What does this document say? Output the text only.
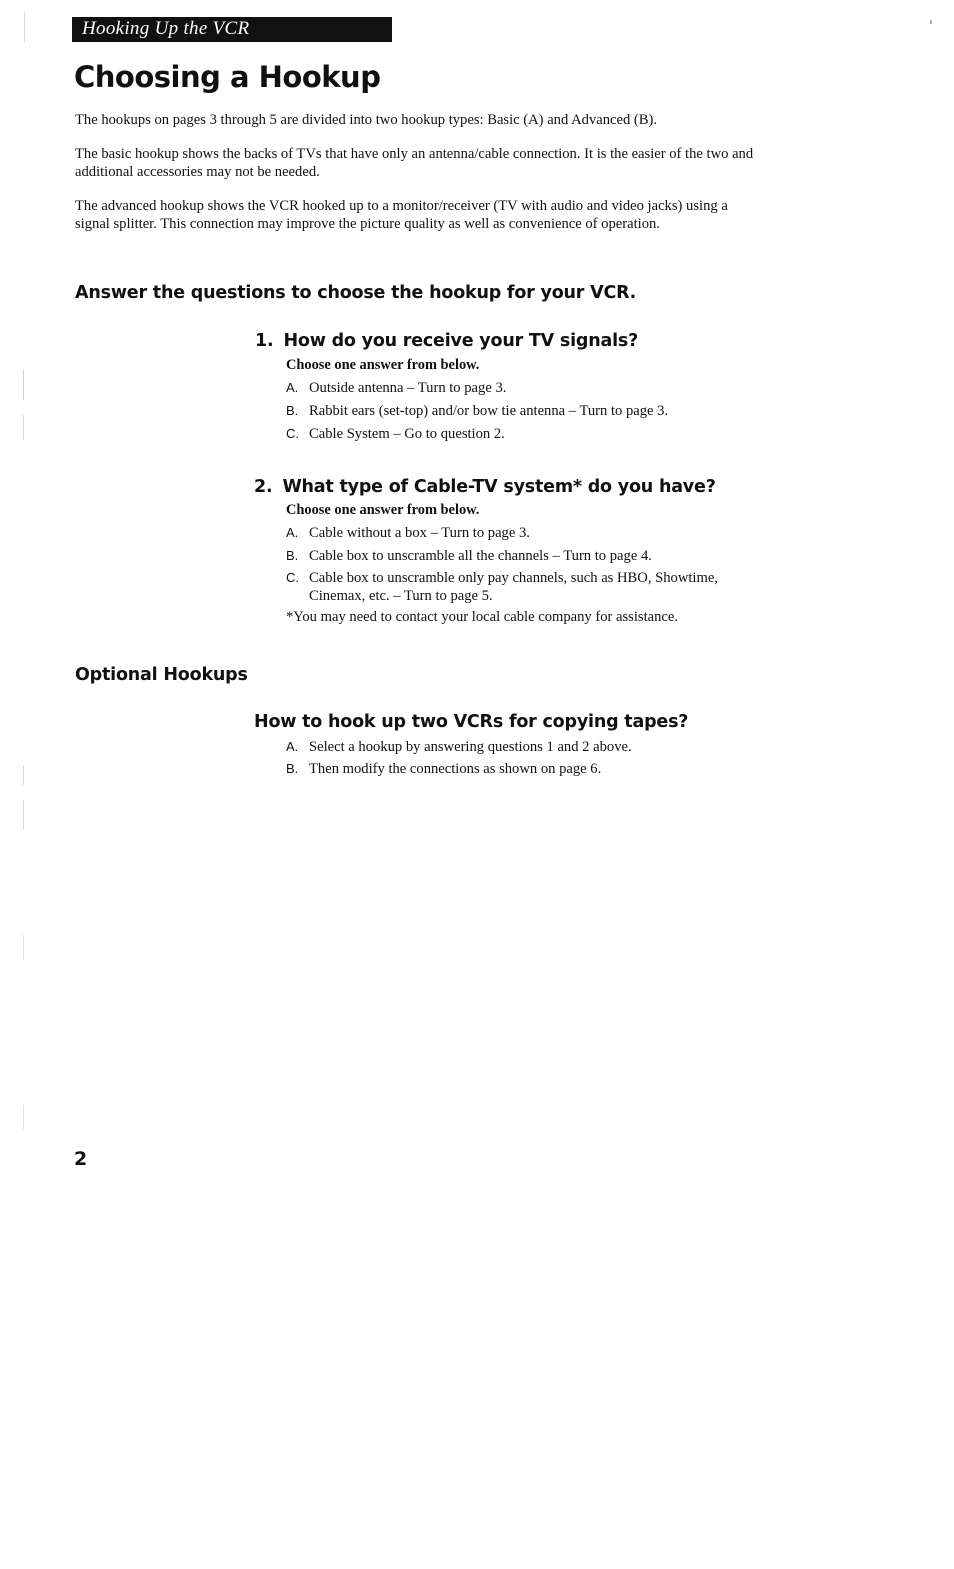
Hooking Up the VCR
Choosing a Hookup

The hookups on pages 3 through 5 are divided into two hookup types: Basic (A) and Advanced (B).

The basic hookup shows the backs of TVs that have only an antenna/cable connection. It is the easier of the two and additional accessories may not be needed.

The advanced hookup shows the VCR hooked up to a monitor/receiver (TV with audio and video jacks) using a signal splitter. This connection may improve the picture quality as well as convenience of operation.

Answer the questions to choose the hookup for your VCR.
1. How do you receive your TV signals?
Choose one answer from below.
A. Outside antenna – Turn to page 3.
B. Rabbit ears (set-top) and/or bow tie antenna – Turn to page 3.
C. Cable System – Go to question 2.
2. What type of Cable-TV system* do you have?
Choose one answer from below.
A. Cable without a box – Turn to page 3.
B. Cable box to unscramble all the channels – Turn to page 4.
C. Cable box to unscramble only pay channels, such as HBO, Showtime, Cinemax, etc. – Turn to page 5.
*You may need to contact your local cable company for assistance.
Optional Hookups
How to hook up two VCRs for copying tapes?
A. Select a hookup by answering questions 1 and 2 above.
B. Then modify the connections as shown on page 6.
2
